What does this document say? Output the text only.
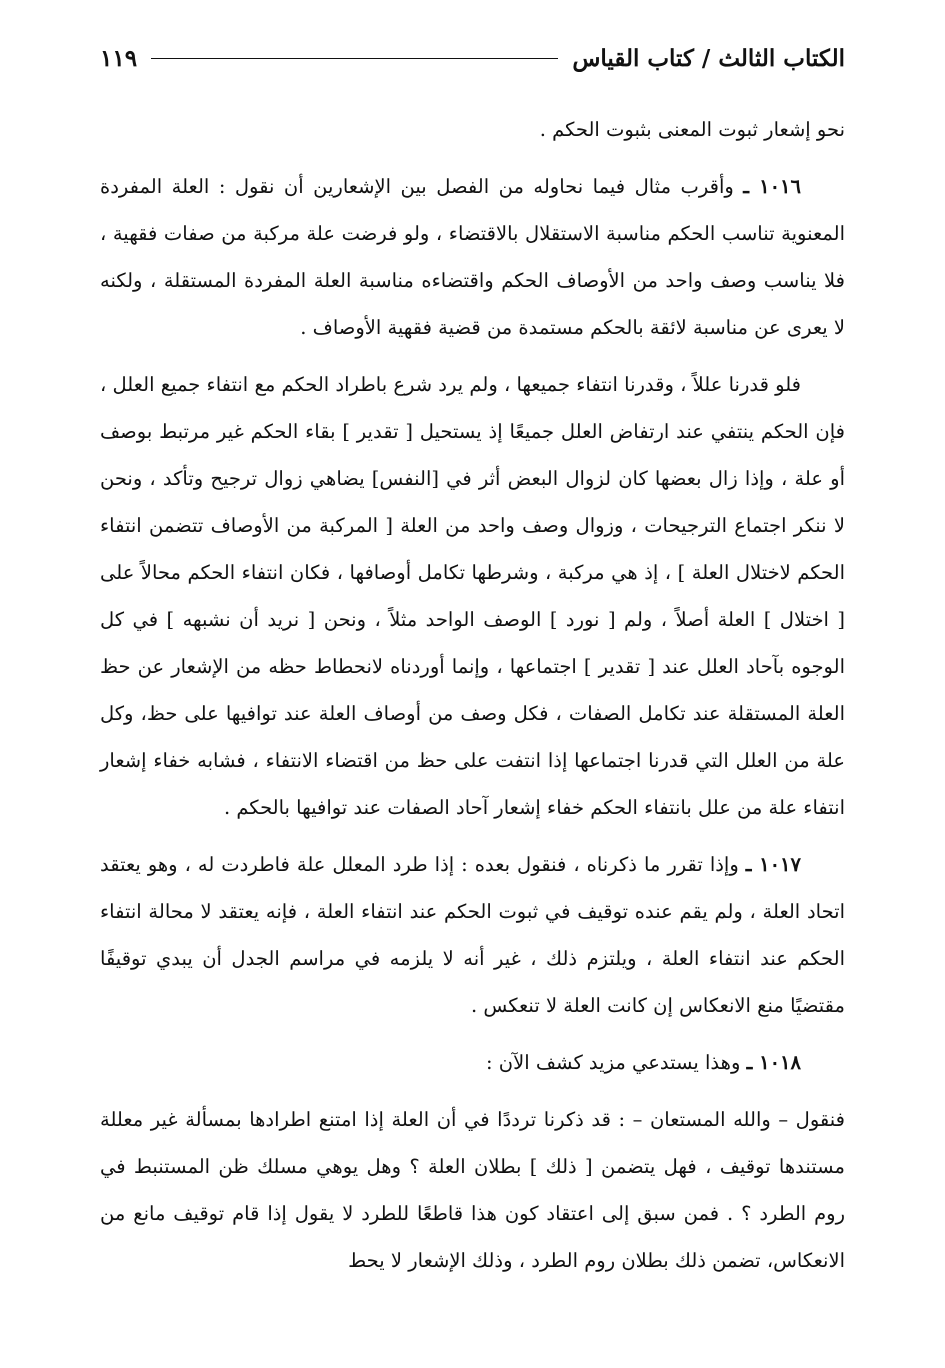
الكتاب الثالث / كتاب القياس
١١٩

نحو إشعار ثبوت المعنى بثبوت الحكم .

١٠١٦ ـ وأقرب مثال فيما نحاوله من الفصل بين الإشعارين أن نقول : العلة المفردة المعنوية تناسب الحكم مناسبة الاستقلال بالاقتضاء ، ولو فرضت علة مركبة من صفات فقهية ، فلا يناسب وصف واحد من الأوصاف الحكم واقتضاءه مناسبة العلة المفردة المستقلة ، ولكنه لا يعرى عن مناسبة لائقة بالحكم مستمدة من قضية فقهية الأوصاف .

فلو قدرنا عللاً ، وقدرنا انتفاء جميعها ، ولم يرد شرع باطراد الحكم مع انتفاء جميع العلل ، فإن الحكم ينتفي عند ارتفاض العلل جميعًا إذ يستحيل [ تقدير ] بقاء الحكم غير مرتبط بوصف أو علة ، وإذا زال بعضها كان لزوال البعض أثر في [النفس] يضاهي زوال ترجيح وتأكد ، ونحن لا ننكر اجتماع الترجيحات ، وزوال وصف واحد من العلة [ المركبة من الأوصاف تتضمن انتفاء الحكم لاختلال العلة ] ، إذ هي مركبة ، وشرطها تكامل أوصافها ، فكان انتفاء الحكم محالاً على [ اختلال ] العلة أصلاً ، ولم [ نورد ] الوصف الواحد مثلاً ، ونحن [ نريد أن نشبهه ] في كل الوجوه بآحاد العلل عند [ تقدير ] اجتماعها ، وإنما أوردناه لانحطاط حظه من الإشعار عن حظ العلة المستقلة عند تكامل الصفات ، فكل وصف من أوصاف العلة عند توافيها على حظ، وكل علة من العلل التي قدرنا اجتماعها إذا انتفت على حظ من اقتضاء الانتفاء ، فشابه خفاء إشعار انتفاء علة من علل بانتفاء الحكم خفاء إشعار آحاد الصفات عند توافيها بالحكم .

١٠١٧ ـ وإذا تقرر ما ذكرناه ، فنقول بعده : إذا طرد المعلل علة فاطردت له ، وهو يعتقد اتحاد العلة ، ولم يقم عنده توقيف في ثبوت الحكم عند انتفاء العلة ، فإنه يعتقد لا محالة انتفاء الحكم عند انتفاء العلة ، ويلتزم ذلك ، غير أنه لا يلزمه في مراسم الجدل أن يبدي توقيفًا مقتضيًا منع الانعكاس إن كانت العلة لا تنعكس .

١٠١٨ ـ وهذا يستدعي مزيد كشف الآن :

فنقول – والله المستعان – : قد ذكرنا ترددًا في أن العلة إذا امتنع اطرادها بمسألة غير معللة مستندها توقيف ، فهل يتضمن [ ذلك ] بطلان العلة ؟ وهل يوهي مسلك ظن المستنبط في روم الطرد ؟ . فمن سبق إلى اعتقاد كون هذا قاطعًا للطرد لا يقول إذا قام توقيف مانع من الانعكاس، تضمن ذلك بطلان روم الطرد ، وذلك الإشعار لا يحط
